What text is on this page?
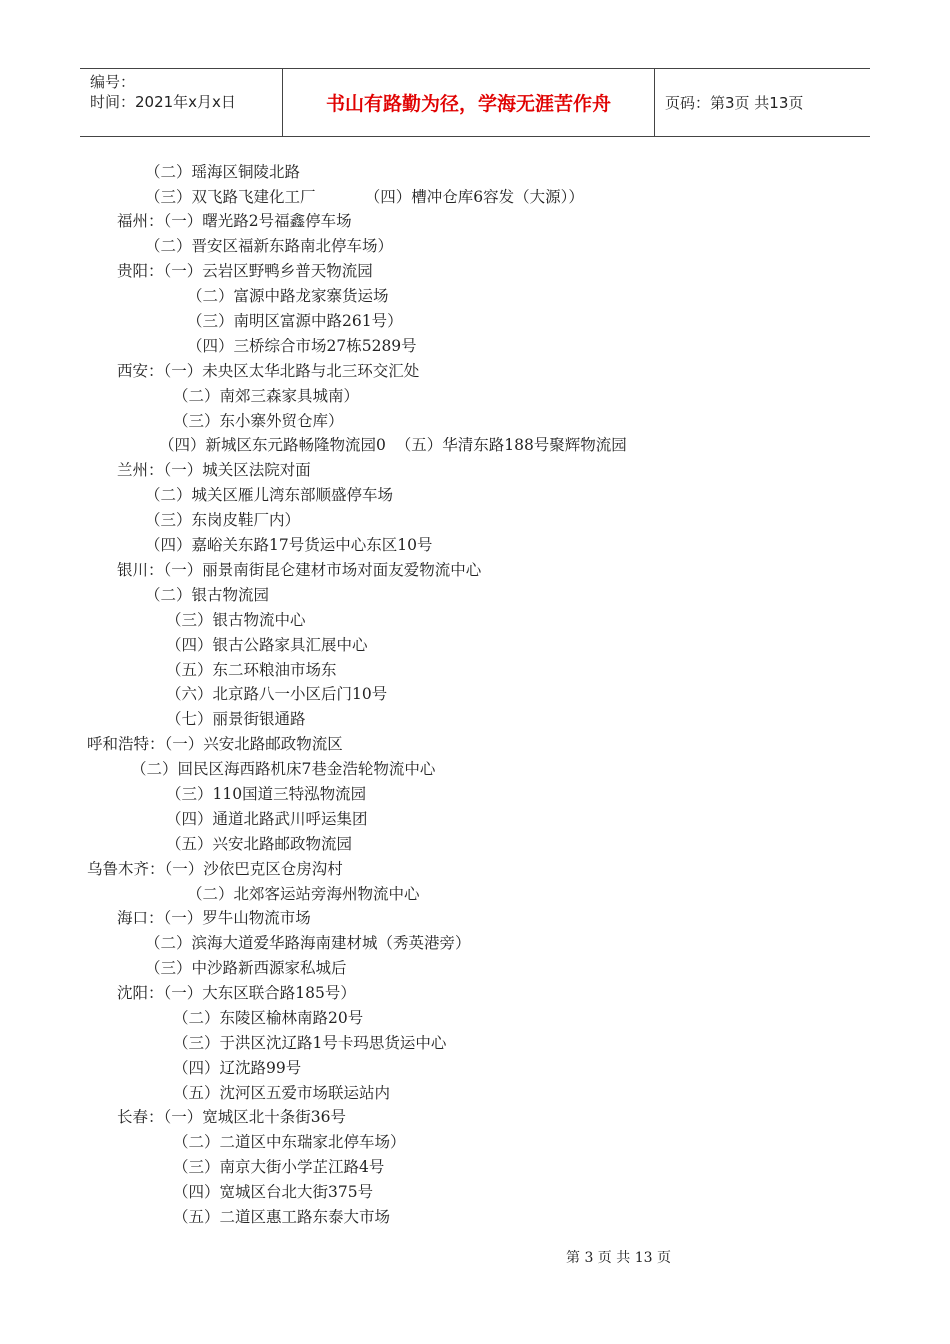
编号：
时间：2021年x月x日	书山有路勤为径，学海无涯苦作舟	页码：第3页 共13页
（二）瑶海区铜陵北路
（三）双飞路飞建化工厂          （四）槽冲仓库6容发（大源））
福州：（一）曙光路2号福鑫停车场
（二）晋安区福新东路南北停车场）
贵阳：（一）云岩区野鸭乡普天物流园
（二）富源中路龙家寨货运场
（三）南明区富源中路261号）
（四）三桥综合市场27栋5289号
西安：（一）未央区太华北路与北三环交汇处
（二）南郊三森家具城南）
（三）东小寨外贸仓库）
（四）新城区东元路畅隆物流园0  （五）华清东路188号聚辉物流园
兰州：（一）城关区法院对面
（二）城关区雁儿湾东部顺盛停车场
（三）东岗皮鞋厂内）
（四）嘉峪关东路17号货运中心东区10号
银川：（一）丽景南街昆仑建材市场对面友爱物流中心
（二）银古物流园
（三）银古物流中心
（四）银古公路家具汇展中心
（五）东二环粮油市场东
（六）北京路八一小区后门10号
（七）丽景街银通路
呼和浩特：（一）兴安北路邮政物流区
（二）回民区海西路机床7巷金浩轮物流中心
（三）110国道三特泓物流园
（四）通道北路武川呼运集团
（五）兴安北路邮政物流园
乌鲁木齐：（一）沙依巴克区仓房沟村
（二）北郊客运站旁海州物流中心
海口：（一）罗牛山物流市场
（二）滨海大道爱华路海南建材城（秀英港旁）
（三）中沙路新西源家私城后
沈阳：（一）大东区联合路185号）
（二）东陵区榆林南路20号
（三）于洪区沈辽路1号卡玛思货运中心
（四）辽沈路99号
（五）沈河区五爱市场联运站内
长春：（一）宽城区北十条街36号
（二）二道区中东瑞家北停车场）
（三）南京大街小学芷江路4号
（四）宽城区台北大街375号
（五）二道区惠工路东泰大市场
第 3 页 共 13 页
